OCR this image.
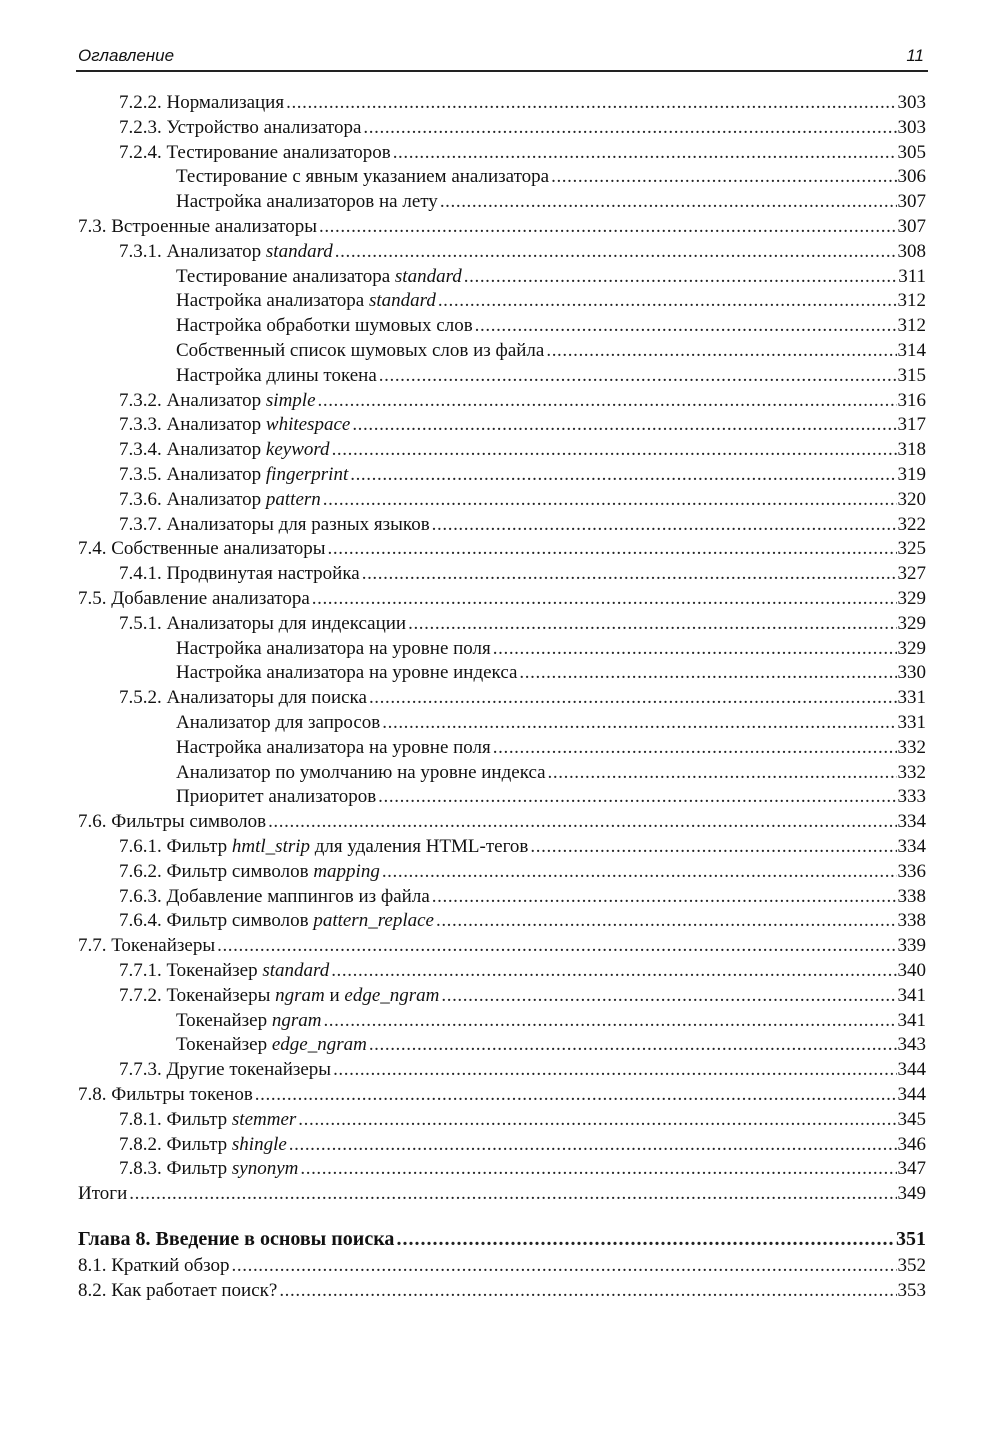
Оглавление	11
7.2.2. Нормализация .....	303
7.2.3. Устройство анализатора .....	303
7.2.4. Тестирование анализаторов .....	305
Тестирование с явным указанием анализатора .....	306
Настройка анализаторов на лету .....	307
7.3. Встроенные анализаторы .....	307
7.3.1. Анализатор standard .....	308
Тестирование анализатора standard .....	311
Настройка анализатора standard .....	312
Настройка обработки шумовых слов .....	312
Собственный список шумовых слов из файла .....	314
Настройка длины токена .....	315
7.3.2. Анализатор simple .....	316
7.3.3. Анализатор whitespace .....	317
7.3.4. Анализатор keyword .....	318
7.3.5. Анализатор fingerprint .....	319
7.3.6. Анализатор pattern .....	320
7.3.7. Анализаторы для разных языков .....	322
7.4. Собственные анализаторы .....	325
7.4.1. Продвинутая настройка .....	327
7.5. Добавление анализатора .....	329
7.5.1. Анализаторы для индексации .....	329
Настройка анализатора на уровне поля .....	329
Настройка анализатора на уровне индекса .....	330
7.5.2. Анализаторы для поиска .....	331
Анализатор для запросов .....	331
Настройка анализатора на уровне поля .....	332
Анализатор по умолчанию на уровне индекса .....	332
Приоритет анализаторов .....	333
7.6. Фильтры символов .....	334
7.6.1. Фильтр hmtl_strip для удаления HTML-тегов .....	334
7.6.2. Фильтр символов mapping .....	336
7.6.3. Добавление маппингов из файла .....	338
7.6.4. Фильтр символов pattern_replace .....	338
7.7. Токенайзеры .....	339
7.7.1. Токенайзер standard .....	340
7.7.2. Токенайзеры ngram и edge_ngram .....	341
Токенайзер ngram .....	341
Токенайзер edge_ngram .....	343
7.7.3. Другие токенайзеры .....	344
7.8. Фильтры токенов .....	344
7.8.1. Фильтр stemmer .....	345
7.8.2. Фильтр shingle .....	346
7.8.3. Фильтр synonym .....	347
Итоги .....	349
Глава 8. Введение в основы поиска .....	351
8.1. Краткий обзор .....	352
8.2. Как работает поиск? .....	353
